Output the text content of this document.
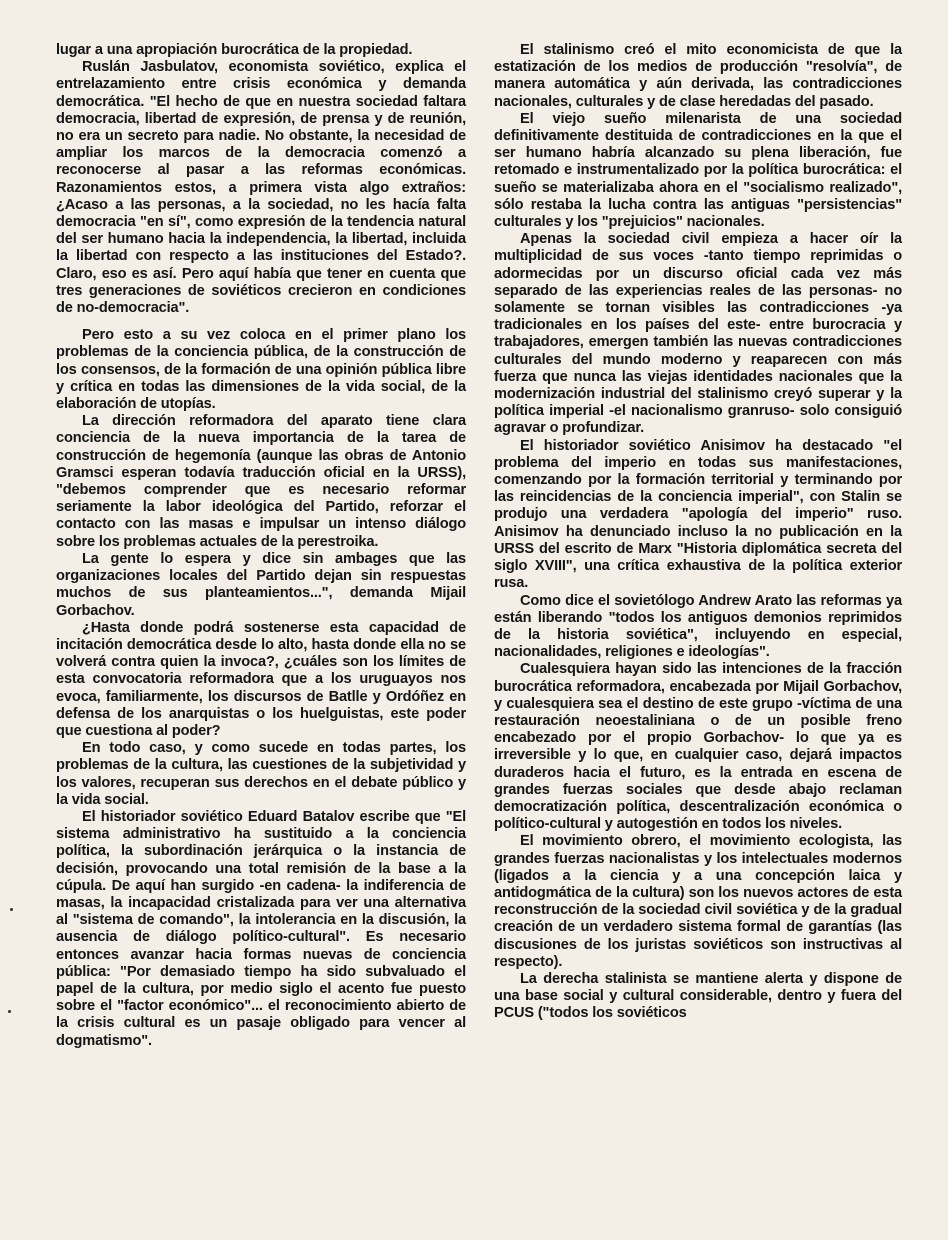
lugar a una apropiación burocrática de la propiedad.

Ruslán Jasbulatov, economista soviético, explica el entrelazamiento entre crisis económica y demanda democrática. "El hecho de que en nuestra sociedad faltara democracia, libertad de expresión, de prensa y de reunión, no era un secreto para nadie. No obstante, la necesidad de ampliar los marcos de la democracia comenzó a reconocerse al pasar a las reformas económicas. Razonamientos estos, a primera vista algo extraños: ¿Acaso a las personas, a la sociedad, no les hacía falta democracia "en sí", como expresión de la tendencia natural del ser humano hacia la independencia, la libertad, incluida la libertad con respecto a las instituciones del Estado?. Claro, eso es así. Pero aquí había que tener en cuenta que tres generaciones de soviéticos crecieron en condiciones de no-democracia".

Pero esto a su vez coloca en el primer plano los problemas de la conciencia pública, de la construcción de los consensos, de la formación de una opinión pública libre y crítica en todas las dimensiones de la vida social, de la elaboración de utopías.

La dirección reformadora del aparato tiene clara conciencia de la nueva importancia de la tarea de construcción de hegemonía (aunque las obras de Antonio Gramsci esperan todavía traducción oficial en la URSS), "debemos comprender que es necesario reformar seriamente la labor ideológica del Partido, reforzar el contacto con las masas e impulsar un intenso diálogo sobre los problemas actuales de la perestroika.

La gente lo espera y dice sin ambages que las organizaciones locales del Partido dejan sin respuestas muchos de sus planteamientos...", demanda Mijail Gorbachov.

¿Hasta donde podrá sostenerse esta capacidad de incitación democrática desde lo alto, hasta donde ella no se volverá contra quien la invoca?, ¿cuáles son los límites de esta convocatoria reformadora que a los uruguayos nos evoca, familiarmente, los discursos de Batlle y Ordóñez en defensa de los anarquistas o los huelguistas, este poder que cuestiona al poder?

En todo caso, y como sucede en todas partes, los problemas de la cultura, las cuestiones de la subjetividad y los valores, recuperan sus derechos en el debate público y la vida social.

El historiador soviético Eduard Batalov escribe que "El sistema administrativo ha sustituido a la conciencia política, la subordinación jerárquica o la instancia de decisión, provocando una total remisión de la base a la cúpula. De aquí han surgido -en cadena- la indiferencia de masas, la incapacidad cristalizada para ver una alternativa al "sistema de comando", la intolerancia en la discusión, la ausencia de diálogo político-cultural". Es necesario entonces avanzar hacia formas nuevas de conciencia pública: "Por demasiado tiempo ha sido subvaluado el papel de la cultura, por medio siglo el acento fue puesto sobre el "factor económico"... el reconocimiento abierto de la crisis cultural es un pasaje obligado para vencer al dogmatismo".

El stalinismo creó el mito economicista de que la estatización de los medios de producción "resolvía", de manera automática y aún derivada, las contradicciones nacionales, culturales y de clase heredadas del pasado.

El viejo sueño milenarista de una sociedad definitivamente destituida de contradicciones en la que el ser humano habría alcanzado su plena liberación, fue retomado e instrumentalizado por la política burocrática: el sueño se materializaba ahora en el "socialismo realizado", sólo restaba la lucha contra las antiguas "persistencias" culturales y los "prejuicios" nacionales.

Apenas la sociedad civil empieza a hacer oír la multiplicidad de sus voces -tanto tiempo reprimidas o adormecidas por un discurso oficial cada vez más separado de las experiencias reales de las personas- no solamente se tornan visibles las contradicciones -ya tradicionales en los países del este- entre burocracia y trabajadores, emergen también las nuevas contradicciones culturales del mundo moderno y reaparecen con más fuerza que nunca las viejas identidades nacionales que la modernización industrial del stalinismo creyó superar y la política imperial -el nacionalismo granruso- solo consiguió agravar o profundizar.

El historiador soviético Anisimov ha destacado "el problema del imperio en todas sus manifestaciones, comenzando por la formación territorial y terminando por las reincidencias de la conciencia imperial", con Stalin se produjo una verdadera "apología del imperio" ruso. Anisimov ha denunciado incluso la no publicación en la URSS del escrito de Marx "Historia diplomática secreta del siglo XVIII", una crítica exhaustiva de la política exterior rusa.

Como dice el sovietólogo Andrew Arato las reformas ya están liberando "todos los antiguos demonios reprimidos de la historia soviética", incluyendo en especial, nacionalidades, religiones e ideologías".

Cualesquiera hayan sido las intenciones de la fracción burocrática reformadora, encabezada por Mijail Gorbachov, y cualesquiera sea el destino de este grupo -víctima de una restauración neoestaliniana o de un posible freno encabezado por el propio Gorbachov- lo que ya es irreversible y lo que, en cualquier caso, dejará impactos duraderos hacia el futuro, es la entrada en escena de grandes fuerzas sociales que desde abajo reclaman democratización política, descentralización económica o político-cultural y autogestión en todos los niveles.

El movimiento obrero, el movimiento ecologista, las grandes fuerzas nacionalistas y los intelectuales modernos (ligados a la ciencia y a una concepción laica y antidogmática de la cultura) son los nuevos actores de esta reconstrucción de la sociedad civil soviética y de la gradual creación de un verdadero sistema formal de garantías (las discusiones de los juristas soviéticos son instructivas al respecto).

La derecha stalinista se mantiene alerta y dispone de una base social y cultural considerable, dentro y fuera del PCUS ("todos los soviéticos
